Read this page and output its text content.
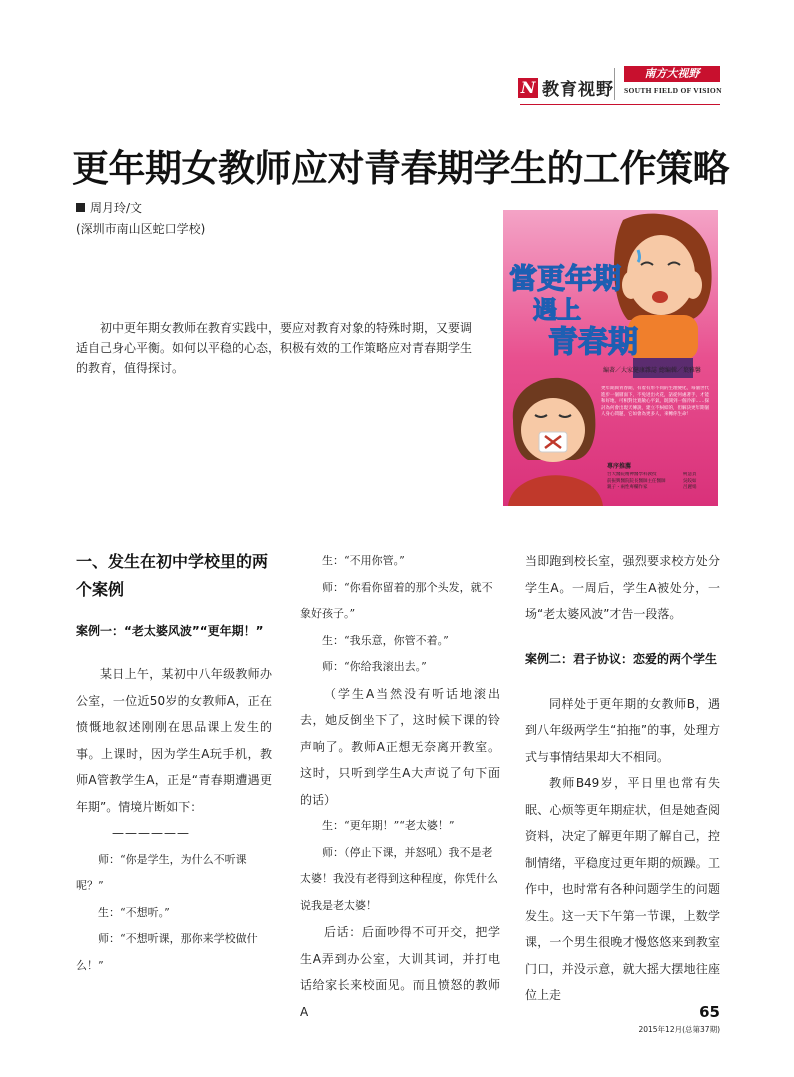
N 教育视野
南方大视野
SOUTH FIELD OF VISION
更年期女教师应对青春期学生的工作策略
周月玲/文
(深圳市南山区蛇口学校)
初中更年期女教师在教育实践中，要应对教育对象的特殊时期，又要调适自己身心平衡。如何以平稳的心态，积极有效的工作策略应对青春期学生的教育，值得探讨。
當更年期
遇上
青春期
編著／大家健康雜誌 總編輯／葉雅馨
更年期與青春期，有着有形不同的生理變化，每個世代進步一個層面下，不免迸出火花，話從何處著手，才能和好地，可相對比寬敞心平氣，既開到一個冷卻……探討為何會出現天傳說，建立不糾結的，但解決更年期個人身心問題，它如會為更多人，來轉你生命！
專序推薦
台大醫院精神醫學科教授
前振興醫院院長醫師主任醫師
親子・兩性專欄作家
柯慧貞
吳皎如
呂麗娟

一、发生在初中学校里的两个案例

案例一：“老太婆风波”“更年期！”

某日上午，某初中八年级教师办公室，一位近50岁的女教师A，正在愤慨地叙述刚刚在思品课上发生的事。上课时，因为学生A玩手机，教师A管教学生A，正是“青春期遭遇更年期”。情境片断如下：

——————

师：“你是学生，为什么不听课呢？”

生：“不想听。”

师：“不想听课，那你来学校做什么！”

生：“不用你管。”

师：“你看你留着的那个头发，就不象好孩子。”

生：“我乐意，你管不着。”

师：“你给我滚出去。”

（学生A当然没有听话地滚出去，她反倒坐下了，这时候下课的铃声响了。教师A正想无奈离开教室。这时，只听到学生A大声说了句下面的话）

生：“更年期！”“老太婆！”

师：（停止下课，并怒吼）我不是老太婆！我没有老得到这种程度，你凭什么说我是老太婆！

后话：后面吵得不可开交，把学生A弄到办公室，大训其词，并打电话给家长来校面见。而且愤怒的教师A

当即跑到校长室，强烈要求校方处分学生A。一周后，学生A被处分，一场“老太婆风波”才告一段落。

案例二：君子协议：恋爱的两个学生

同样处于更年期的女教师B，遇到八年级两学生“拍拖”的事，处理方式与事情结果却大不相同。

教师B49岁，平日里也常有失眠、心烦等更年期症状，但是她查阅资料，决定了解更年期了解自己，控制情绪，平稳度过更年期的烦躁。工作中，也时常有各种问题学生的问题发生。这一天下午第一节课，上数学课，一个男生很晚才慢悠悠来到教室门口，并没示意，就大摇大摆地往座位上走

65
2015年12月(总第37期)
